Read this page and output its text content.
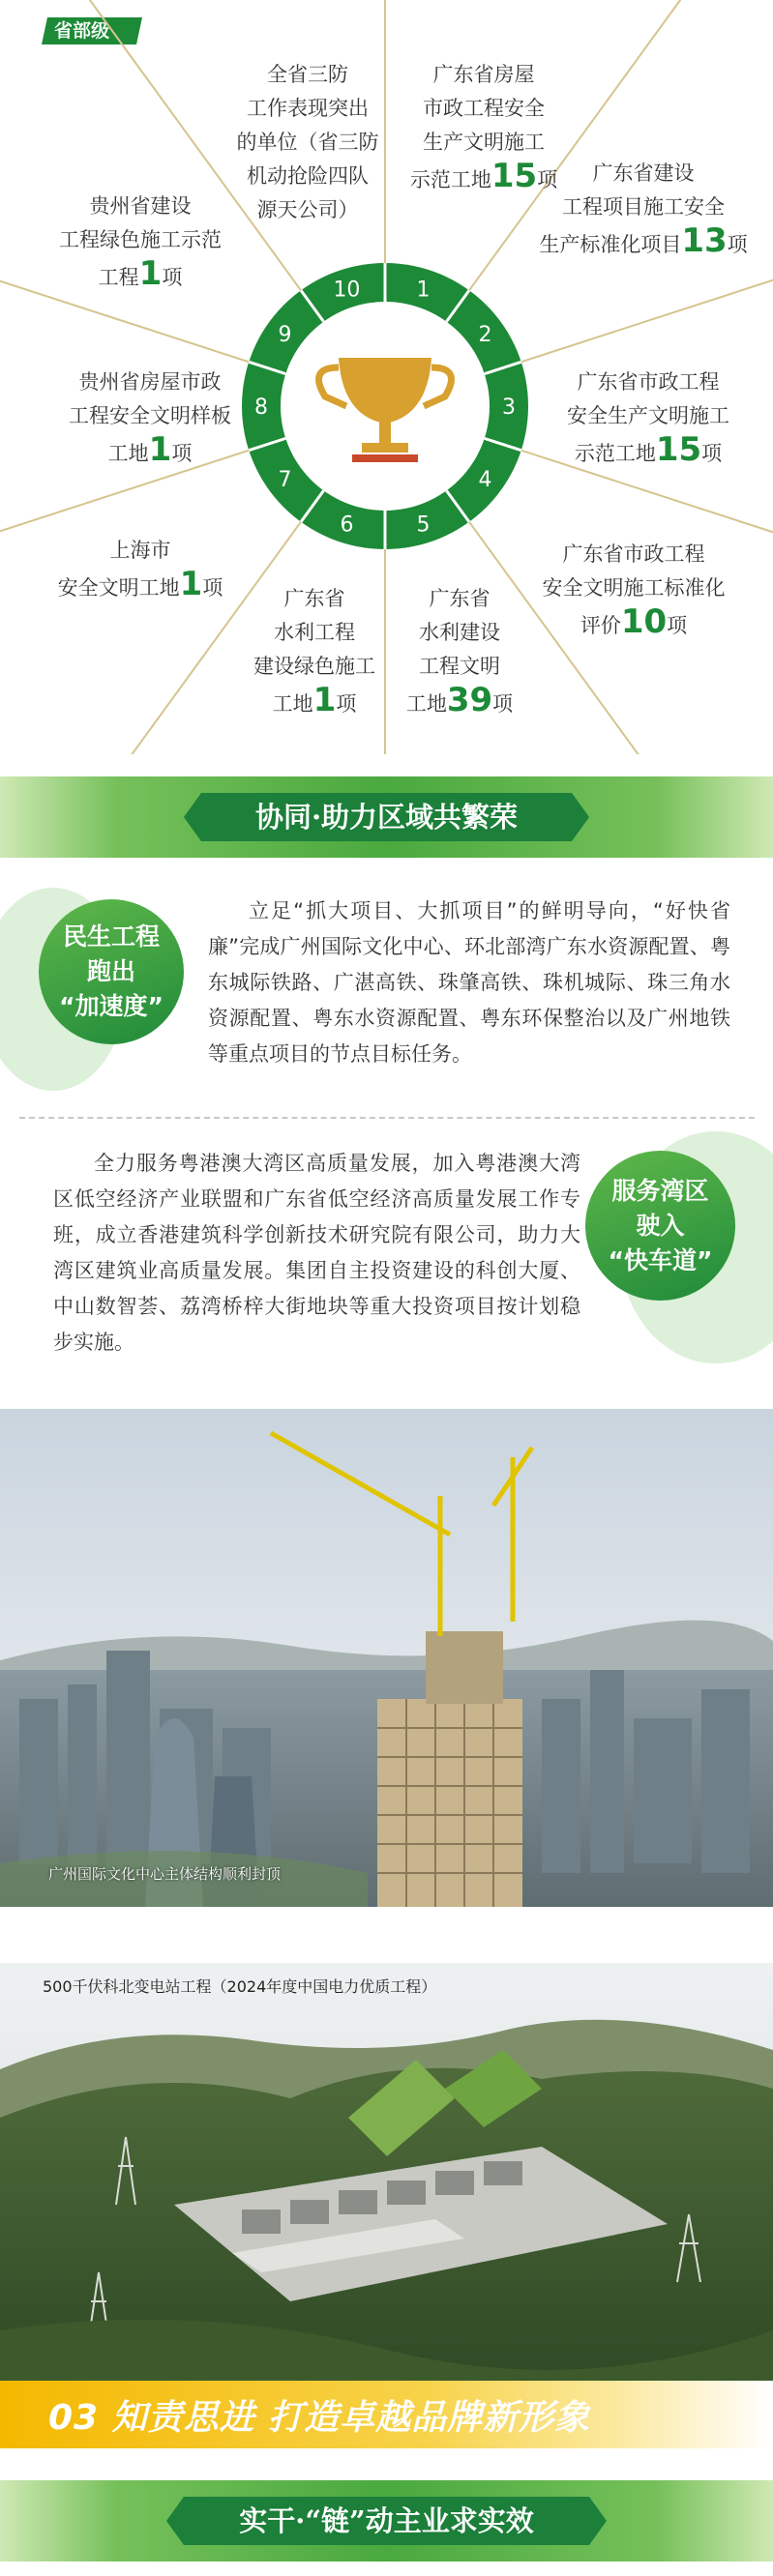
省部级
1
2
3
4
5
6
7
8
9
10
全省三防
工作表现突出
的单位（省三防
机动抢险四队
源天公司）
广东省房屋
市政工程安全
生产文明施工
示范工地15项	广东省建设
工程项目施工安全
生产标准化项目13项
广东省市政工程
安全生产文明施工
示范工地15项
广东省市政工程
安全文明施工标准化
评价10项
广东省
水利建设
工程文明
工地39项
广东省
水利工程
建设绿色施工
工地1项
上海市
安全文明工地1项
贵州省房屋市政
工程安全文明样板
工地1项
贵州省建设
工程绿色施工示范
工程1项
协同·助力区域共繁荣
民生工程
跑出
“加速度”

立足“抓大项目、大抓项目”的鲜明导向，“好快省廉”完成广州国际文化中心、环北部湾广东水资源配置、粤东城际铁路、广湛高铁、珠肇高铁、珠机城际、珠三角水资源配置、粤东水资源配置、粤东环保整治以及广州地铁等重点项目的节点目标任务。

全力服务粤港澳大湾区高质量发展，加入粤港澳大湾区低空经济产业联盟和广东省低空经济高质量发展工作专班，成立香港建筑科学创新技术研究院有限公司，助力大湾区建筑业高质量发展。集团自主投资建设的科创大厦、中山数智荟、荔湾桥梓大街地块等重大投资项目按计划稳步实施。

服务湾区
驶入
“快车道”
广州国际文化中心主体结构顺利封顶
500千伏科北变电站工程（2024年度中国电力优质工程）
03 知责思进 打造卓越品牌新形象
实干·“链”动主业求实效
